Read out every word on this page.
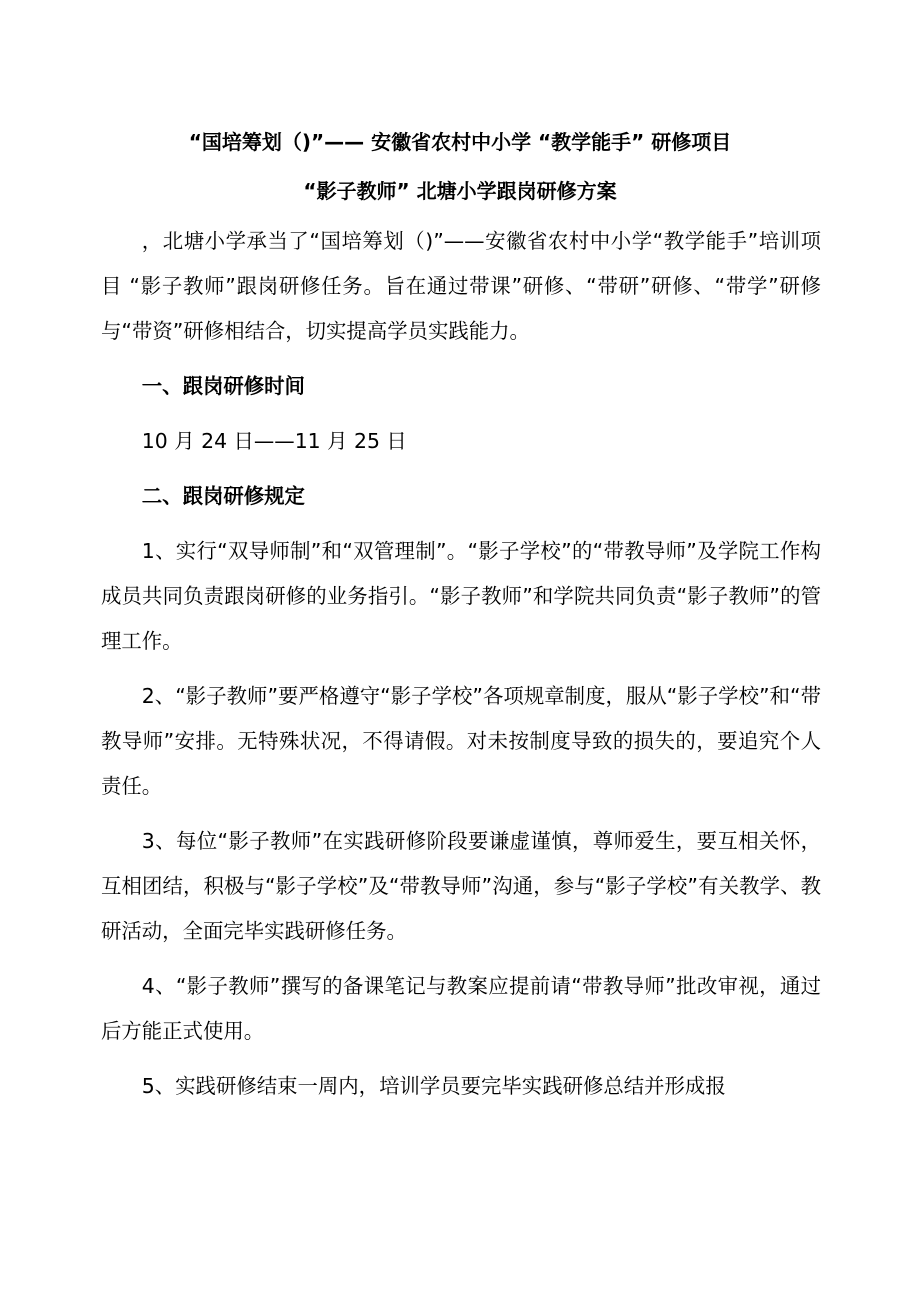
“国培筹划（)”—— 安徽省农村中小学 “教学能手” 研修项目
“影子教师” 北塘小学跟岗研修方案

，北塘小学承当了“国培筹划（)”——安徽省农村中小学“教学能手”培训项目 “影子教师”跟岗研修任务。旨在通过带课”研修、“带研”研修、“带学”研修与“带资”研修相结合，切实提高学员实践能力。

一、跟岗研修时间

10 月 24 日——11 月 25 日

二、跟岗研修规定

1、实行“双导师制”和“双管理制”。“影子学校”的“带教导师”及学院工作构成员共同负责跟岗研修的业务指引。“影子教师”和学院共同负责“影子教师”的管理工作。

2、“影子教师”要严格遵守“影子学校”各项规章制度，服从“影子学校”和“带教导师”安排。无特殊状况，不得请假。对未按制度导致的损失的，要追究个人责任。

3、每位“影子教师”在实践研修阶段要谦虚谨慎，尊师爱生，要互相关怀，互相团结，积极与“影子学校”及“带教导师”沟通，参与“影子学校”有关教学、教研活动，全面完毕实践研修任务。

4、“影子教师”撰写的备课笔记与教案应提前请“带教导师”批改审视，通过后方能正式使用。

5、实践研修结束一周内，培训学员要完毕实践研修总结并形成报
